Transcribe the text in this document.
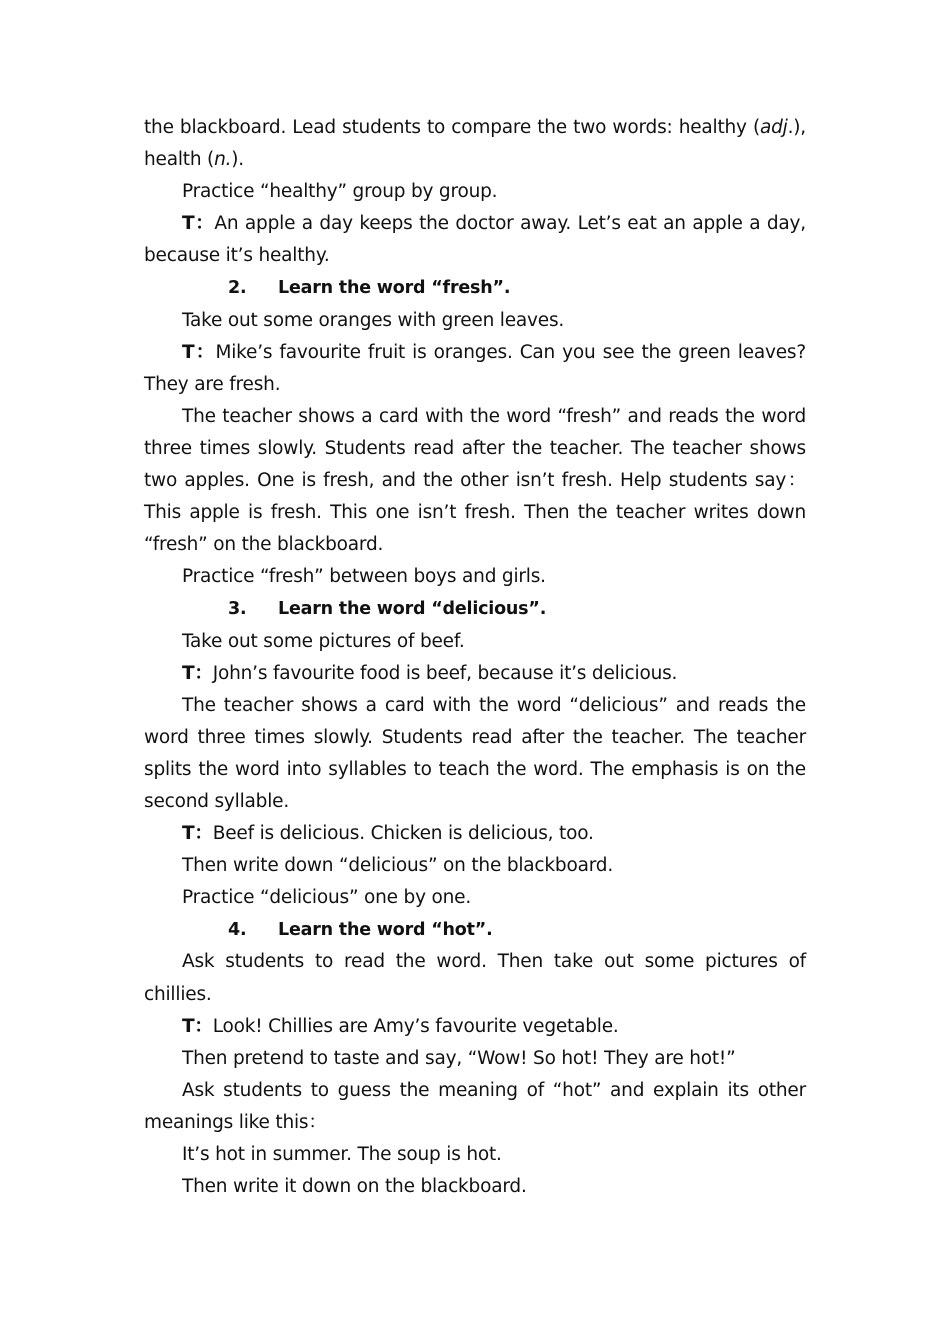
the blackboard. Lead students to compare the two words: healthy (adj.), health (n.).

Practice “healthy” group by group.

T：An apple a day keeps the doctor away. Let’s eat an apple a day, because it’s healthy.

2. Learn the word “fresh”.

Take out some oranges with green leaves.

T：Mike’s favourite fruit is oranges. Can you see the green leaves? They are fresh.

The teacher shows a card with the word “fresh” and reads the word three times slowly. Students read after the teacher. The teacher shows two apples. One is fresh, and the other isn’t fresh. Help students say：This apple is fresh. This one isn’t fresh. Then the teacher writes down “fresh” on the blackboard.

Practice “fresh” between boys and girls.

3. Learn the word “delicious”.

Take out some pictures of beef.

T：John’s favourite food is beef, because it’s delicious.

The teacher shows a card with the word “delicious” and reads the word three times slowly. Students read after the teacher. The teacher splits the word into syllables to teach the word. The emphasis is on the second syllable.

T：Beef is delicious. Chicken is delicious, too.

Then write down “delicious” on the blackboard.

Practice “delicious” one by one.

4. Learn the word “hot”.

Ask students to read the word. Then take out some pictures of chillies.

T：Look! Chillies are Amy’s favourite vegetable.

Then pretend to taste and say, “Wow! So hot! They are hot!”

Ask students to guess the meaning of “hot” and explain its other meanings like this：

It’s hot in summer. The soup is hot.

Then write it down on the blackboard.
